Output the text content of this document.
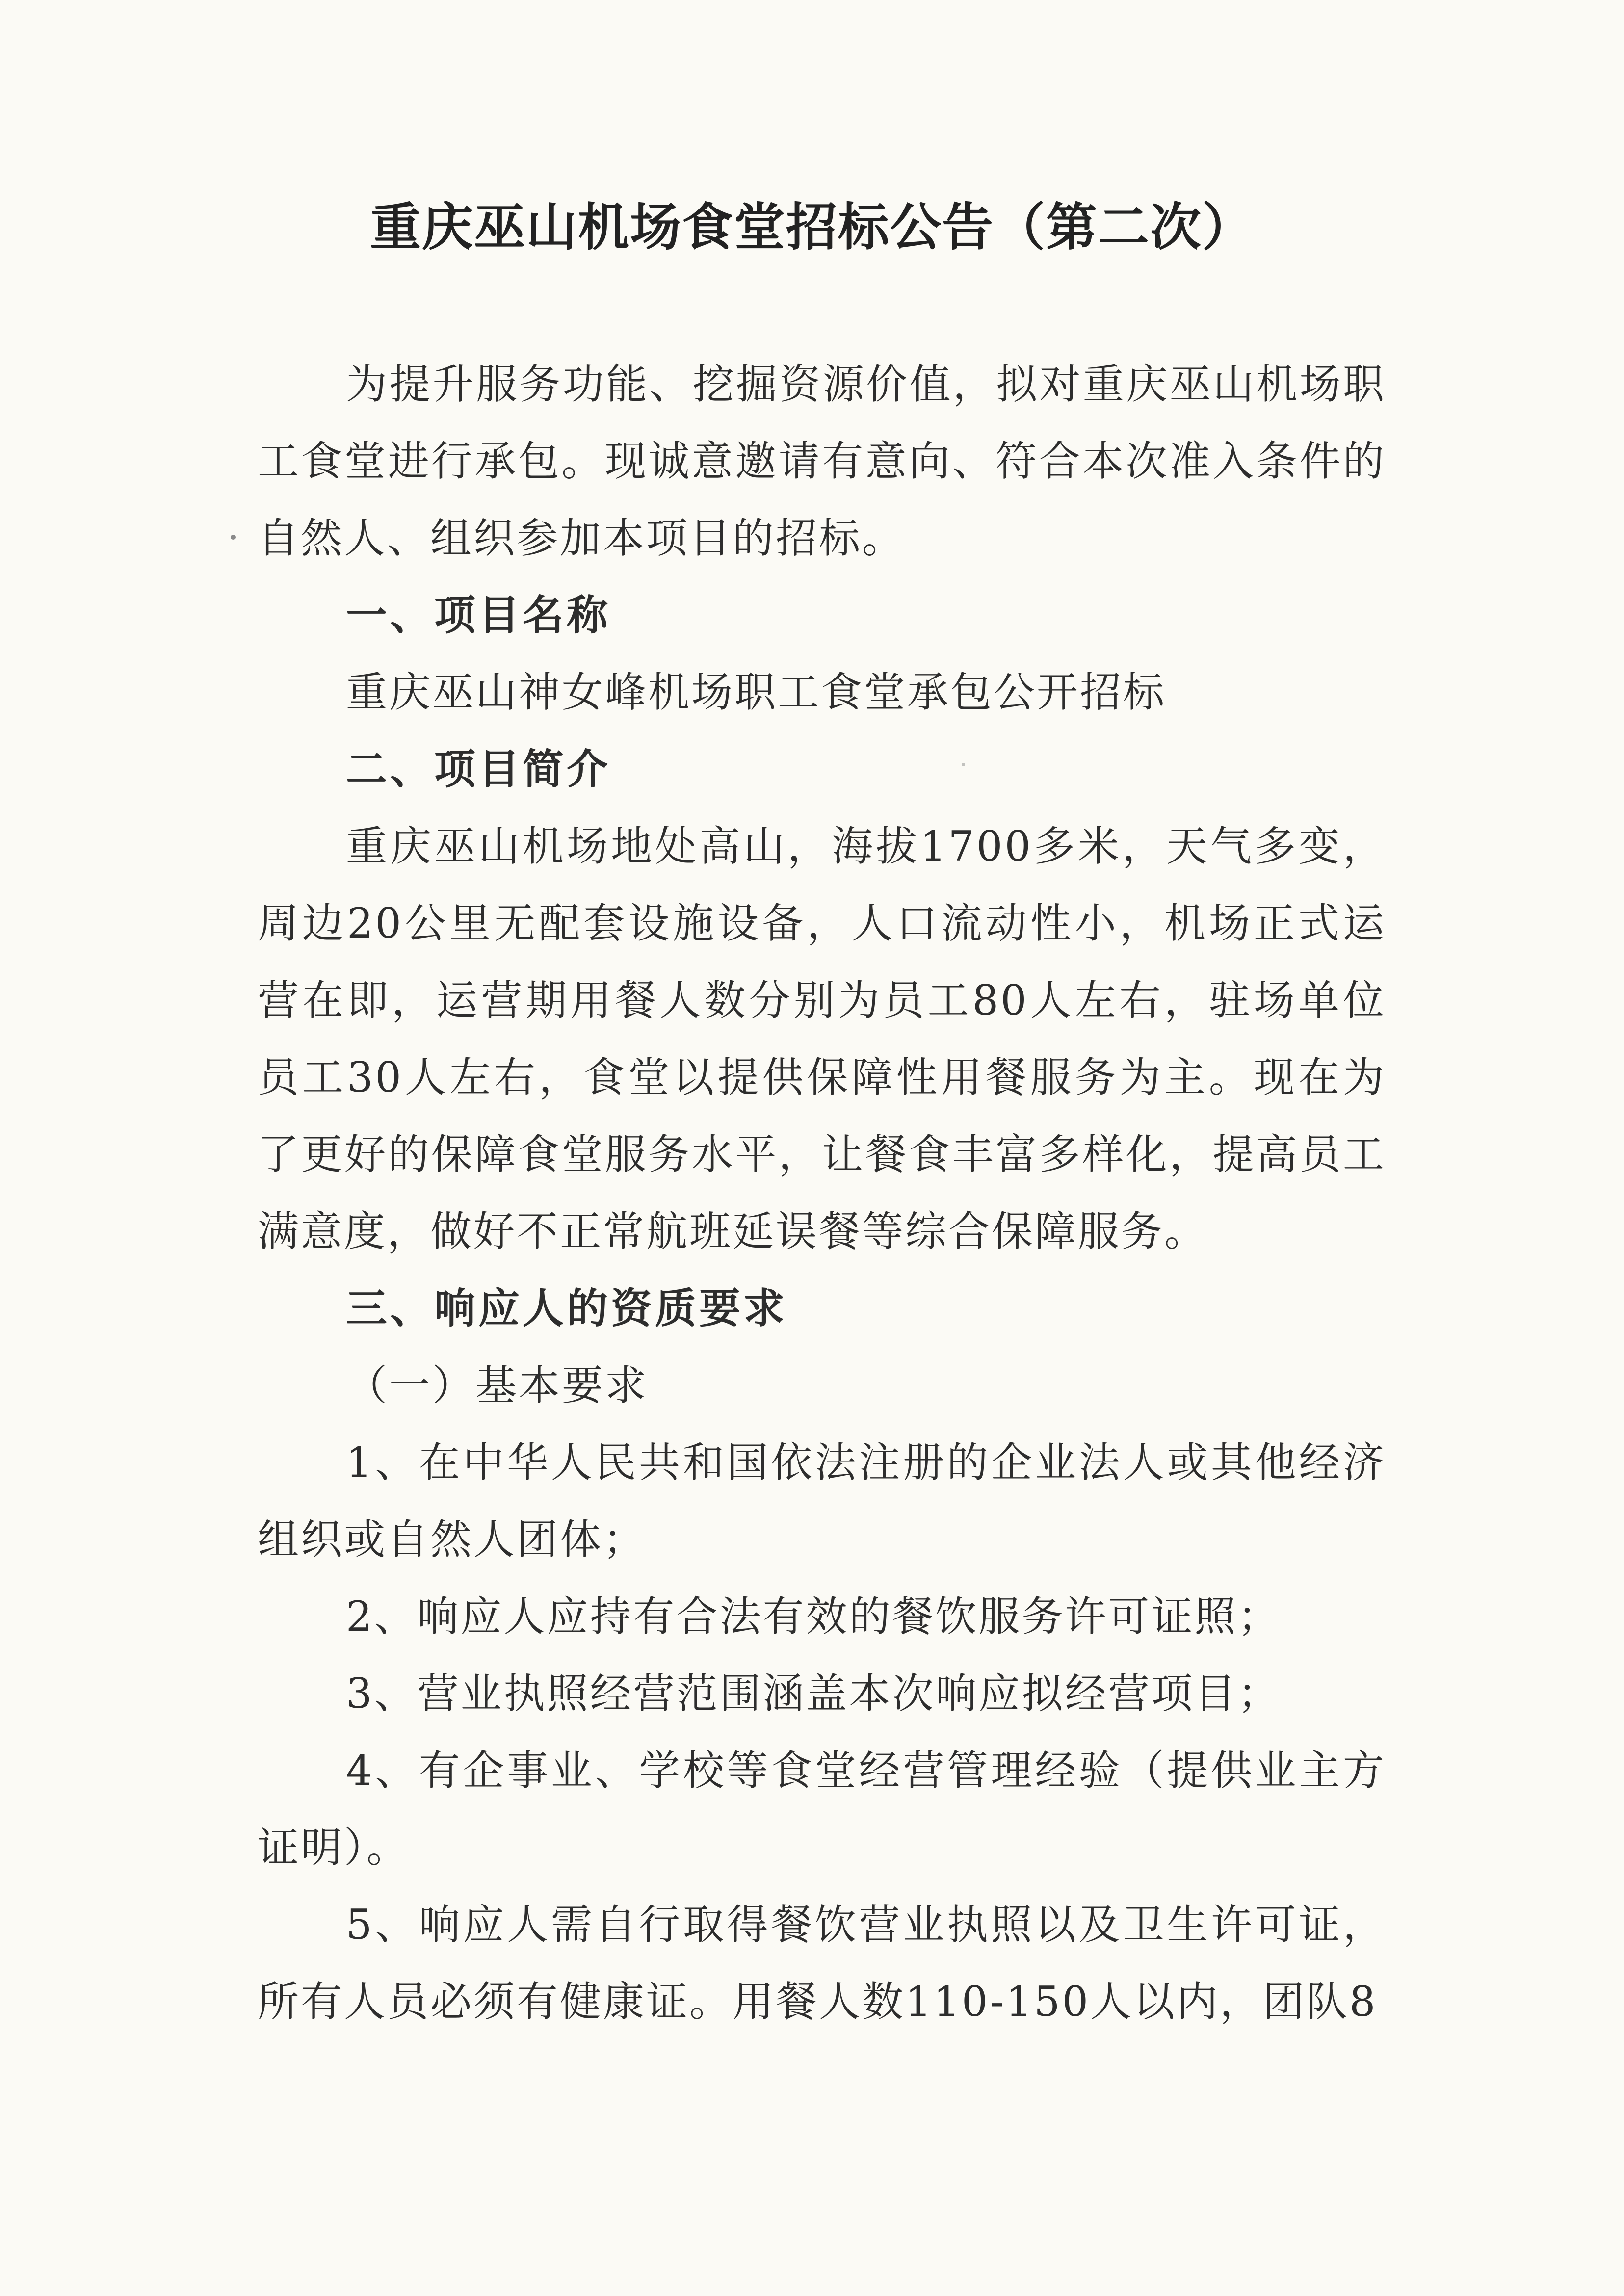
重庆巫山机场食堂招标公告（第二次）

为提升服务功能、挖掘资源价值，拟对重庆巫山机场职工食堂进行承包。现诚意邀请有意向、符合本次准入条件的自然人、组织参加本项目的招标。

一、项目名称

重庆巫山神女峰机场职工食堂承包公开招标

二、项目简介

重庆巫山机场地处高山，海拔1700多米，天气多变，周边20公里无配套设施设备，人口流动性小，机场正式运营在即，运营期用餐人数分别为员工80人左右，驻场单位员工30人左右，食堂以提供保障性用餐服务为主。现在为了更好的保障食堂服务水平，让餐食丰富多样化，提高员工满意度，做好不正常航班延误餐等综合保障服务。

三、响应人的资质要求

（一）基本要求

1、在中华人民共和国依法注册的企业法人或其他经济组织或自然人团体；

2、响应人应持有合法有效的餐饮服务许可证照；

3、营业执照经营范围涵盖本次响应拟经营项目；

4、有企事业、学校等食堂经营管理经验（提供业主方证明）。

5、响应人需自行取得餐饮营业执照以及卫生许可证，所有人员必须有健康证。用餐人数110-150人以内，团队8
